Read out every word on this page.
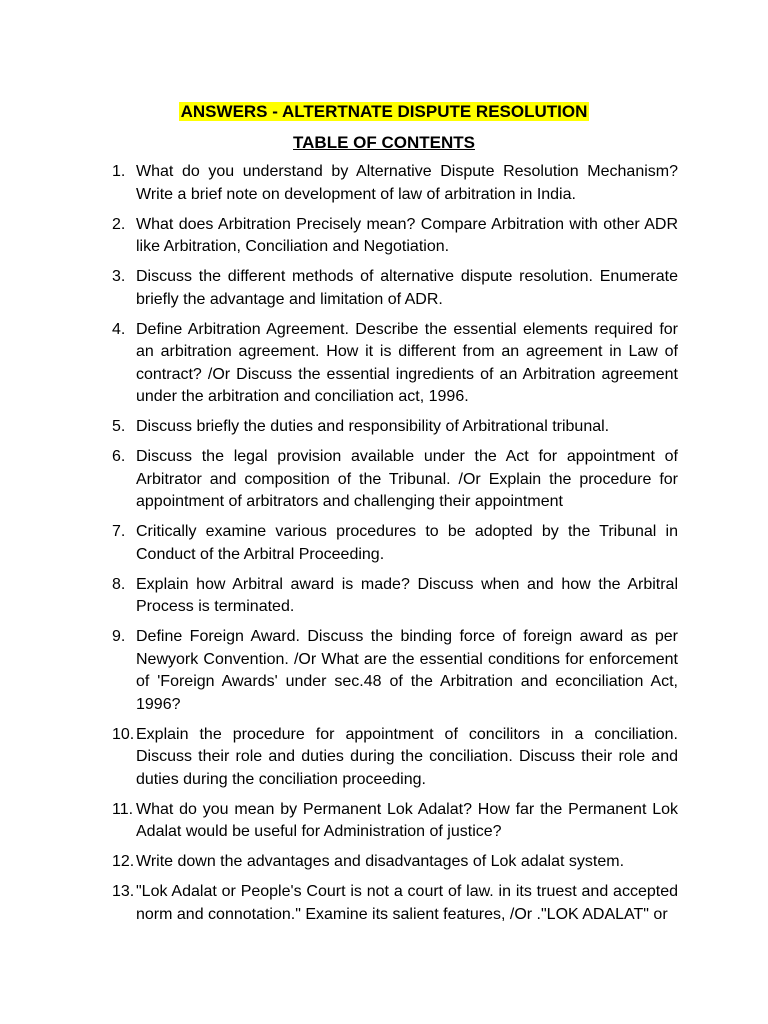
ANSWERS - ALTERTNATE DISPUTE RESOLUTION
TABLE OF CONTENTS
1. What do you understand by Alternative Dispute Resolution Mechanism? Write a brief note on development of law of arbitration in India.
2. What does Arbitration Precisely mean? Compare Arbitration with other ADR like Arbitration, Conciliation and Negotiation.
3. Discuss the different methods of alternative dispute resolution. Enumerate briefly the advantage and limitation of ADR.
4. Define Arbitration Agreement. Describe the essential elements required for an arbitration agreement. How it is different from an agreement in Law of contract? /Or Discuss the essential ingredients of an Arbitration agreement under the arbitration and conciliation act, 1996.
5. Discuss briefly the duties and responsibility of Arbitrational tribunal.
6. Discuss the legal provision available under the Act for appointment of Arbitrator and composition of the Tribunal. /Or Explain the procedure for appointment of arbitrators and challenging their appointment
7. Critically examine various procedures to be adopted by the Tribunal in Conduct of the Arbitral Proceeding.
8. Explain how Arbitral award is made? Discuss when and how the Arbitral Process is terminated.
9. Define Foreign Award. Discuss the binding force of foreign award as per Newyork Convention. /Or What are the essential conditions for enforcement of 'Foreign Awards' under sec.48 of the Arbitration and econciliation Act, 1996?
10. Explain the procedure for appointment of concilitors in a conciliation. Discuss their role and duties during the conciliation. Discuss their role and duties during the conciliation proceeding.
11. What do you mean by Permanent Lok Adalat? How far the Permanent Lok Adalat would be useful for Administration of justice?
12. Write down the advantages and disadvantages of Lok adalat system.
13. "Lok Adalat or People's Court is not a court of law. in its truest and accepted norm and connotation." Examine its salient features, /Or ."LOK ADALAT" or
